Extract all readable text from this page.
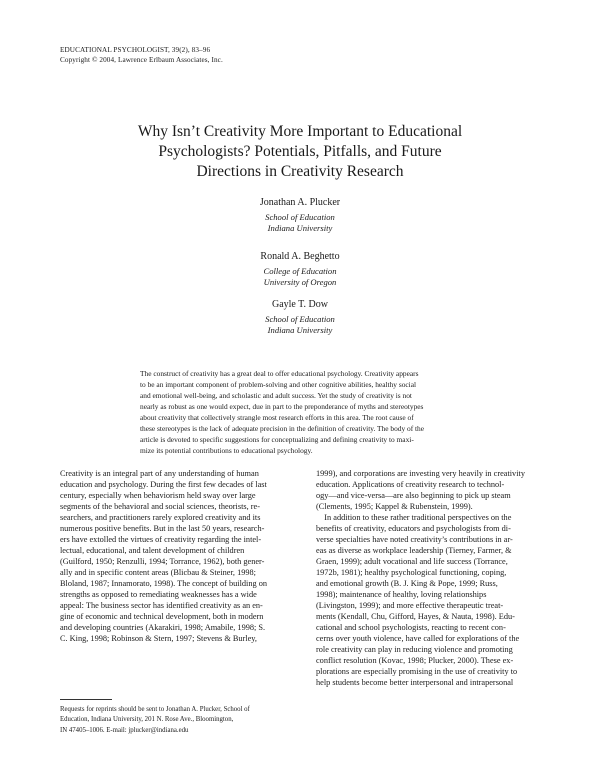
EDUCATIONAL PSYCHOLOGIST, 39(2), 83–96
Copyright © 2004, Lawrence Erlbaum Associates, Inc.
Why Isn’t Creativity More Important to Educational
Psychologists? Potentials, Pitfalls, and Future
Directions in Creativity Research
Jonathan A. Plucker
School of Education
Indiana University
Ronald A. Beghetto
College of Education
University of Oregon
Gayle T. Dow
School of Education
Indiana University
The construct of creativity has a great deal to offer educational psychology. Creativity appears
to be an important component of problem-solving and other cognitive abilities, healthy social
and emotional well-being, and scholastic and adult success. Yet the study of creativity is not
nearly as robust as one would expect, due in part to the preponderance of myths and stereotypes
about creativity that collectively strangle most research efforts in this area. The root cause of
these stereotypes is the lack of adequate precision in the definition of creativity. The body of the
article is devoted to specific suggestions for conceptualizing and defining creativity to maxi-
mize its potential contributions to educational psychology.
Creativity is an integral part of any understanding of human
education and psychology. During the first few decades of last
century, especially when behaviorism held sway over large
segments of the behavioral and social sciences, theorists, re-
searchers, and practitioners rarely explored creativity and its
numerous positive benefits. But in the last 50 years, research-
ers have extolled the virtues of creativity regarding the intel-
lectual, educational, and talent development of children
(Guilford, 1950; Renzulli, 1994; Torrance, 1962), both gener-
ally and in specific content areas (Blicbau & Steiner, 1998;
Bloland, 1987; Innamorato, 1998). The concept of building on
strengths as opposed to remediating weaknesses has a wide
appeal: The business sector has identified creativity as an en-
gine of economic and technical development, both in modern
and developing countries (Akarakiri, 1998; Amabile, 1998; S.
C. King, 1998; Robinson & Stern, 1997; Stevens & Burley,
Requests for reprints should be sent to Jonathan A. Plucker, School of
Education, Indiana University, 201 N. Rose Ave., Bloomington,
IN 47405–1006. E-mail: jplucker@indiana.edu
1999), and corporations are investing very heavily in creativity
education. Applications of creativity research to technol-
ogy—and vice-versa—are also beginning to pick up steam
(Clements, 1995; Kappel & Rubenstein, 1999).
In addition to these rather traditional perspectives on the
benefits of creativity, educators and psychologists from di-
verse specialties have noted creativity’s contributions in ar-
eas as diverse as workplace leadership (Tierney, Farmer, &
Graen, 1999); adult vocational and life success (Torrance,
1972b, 1981); healthy psychological functioning, coping,
and emotional growth (B. J. King & Pope, 1999; Russ,
1998); maintenance of healthy, loving relationships
(Livingston, 1999); and more effective therapeutic treat-
ments (Kendall, Chu, Gifford, Hayes, & Nauta, 1998). Edu-
cational and school psychologists, reacting to recent con-
cerns over youth violence, have called for explorations of the
role creativity can play in reducing violence and promoting
conflict resolution (Kovac, 1998; Plucker, 2000). These ex-
plorations are especially promising in the use of creativity to
help students become better interpersonal and intrapersonal
